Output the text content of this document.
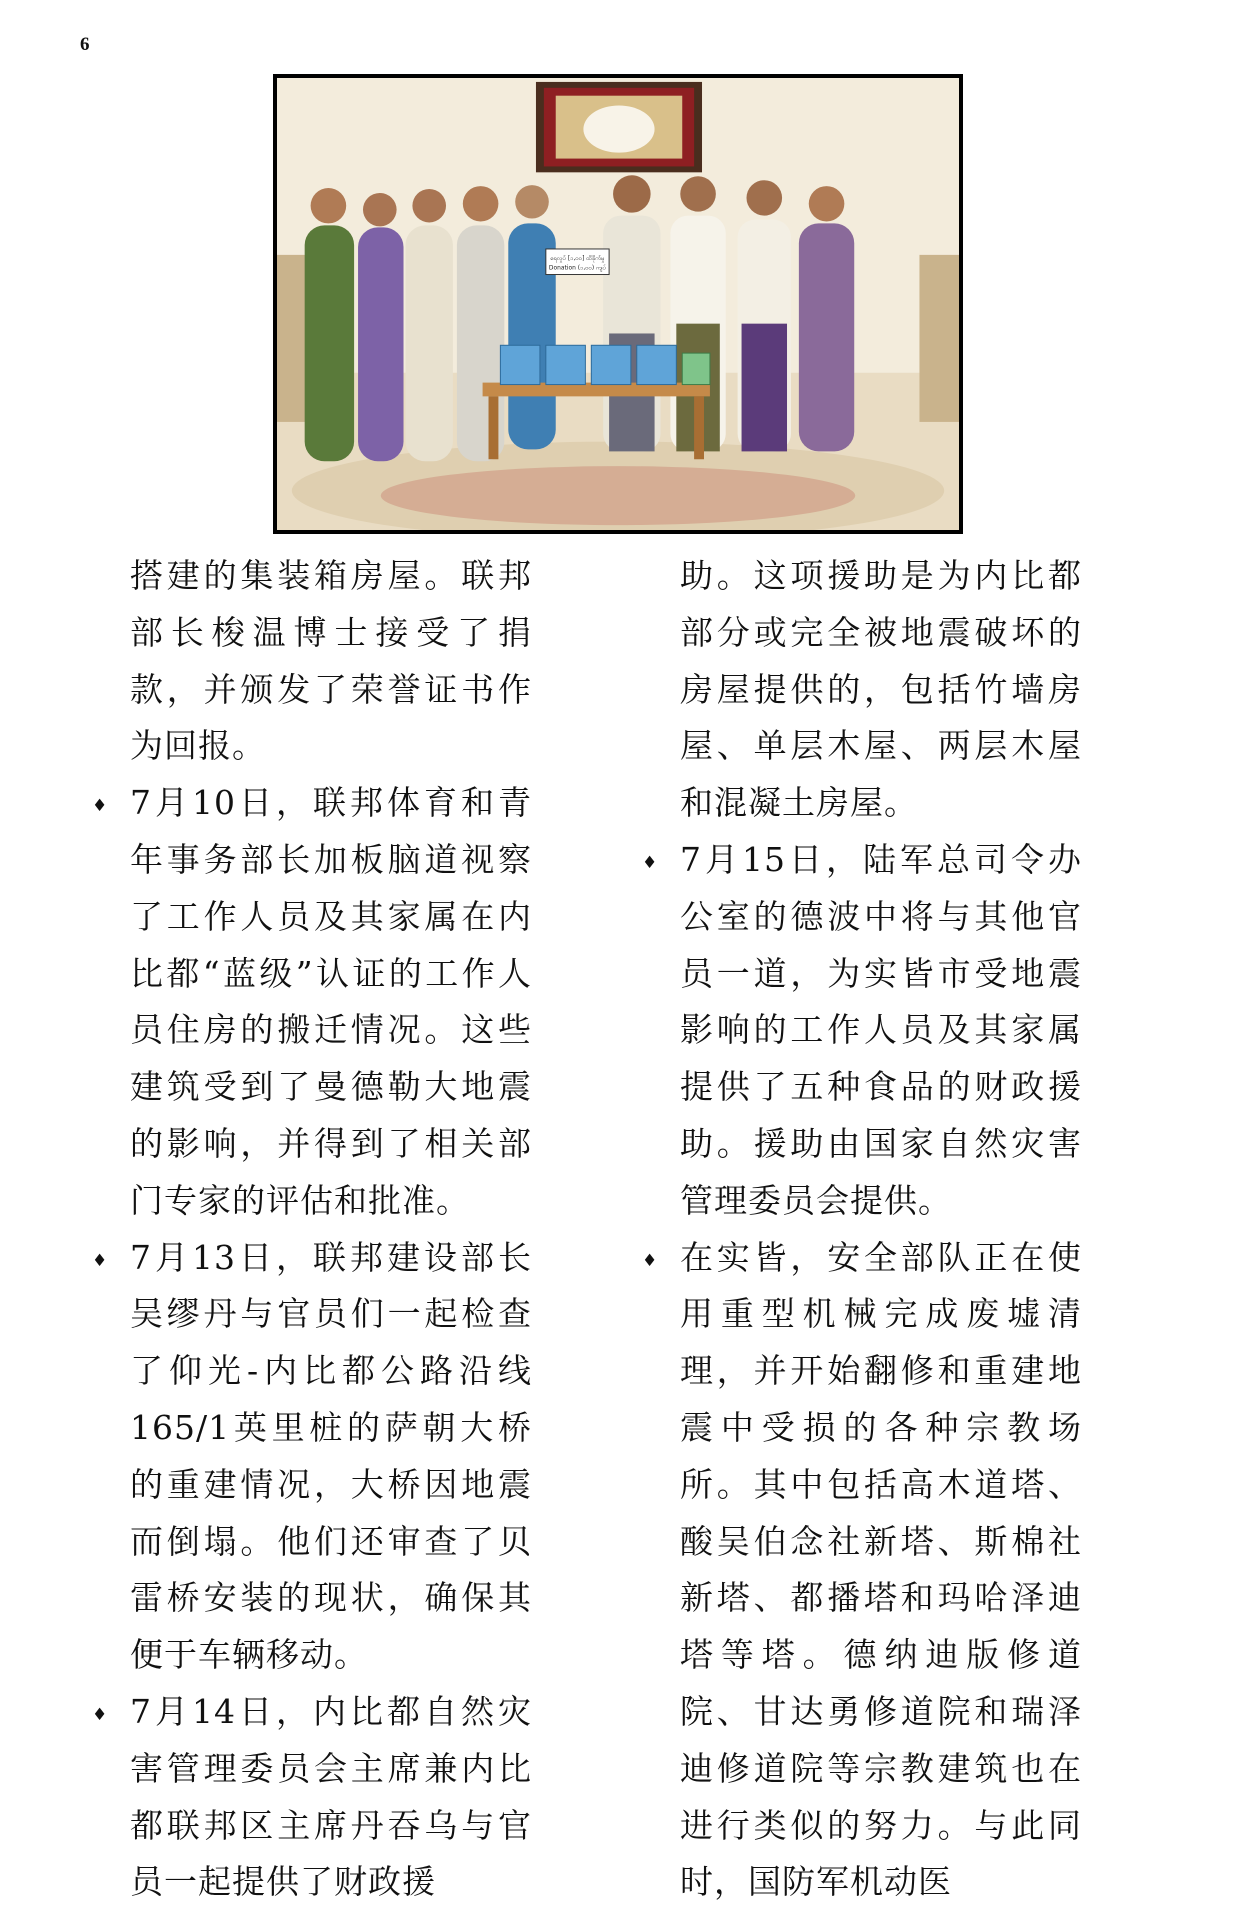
6
ရေလှုပ် [၁,၀၀] ထိခိုက်မှု
Donation (၁,၀၀) ကျပ်

搭建的集装箱房屋。联邦部长梭温博士接受了捐款，并颁发了荣誉证书作为回报。

♦ 7月10日，联邦体育和青年事务部长加板脑道视察了工作人员及其家属在内比都“蓝级”认证的工作人员住房的搬迁情况。这些建筑受到了曼德勒大地震的影响，并得到了相关部门专家的评估和批准。

♦ 7月13日，联邦建设部长吴缪丹与官员们一起检查了仰光-内比都公路沿线165/1英里桩的萨朝大桥的重建情况，大桥因地震而倒塌。他们还审查了贝雷桥安装的现状，确保其便于车辆移动。

♦ 7月14日，内比都自然灾害管理委员会主席兼内比都联邦区主席丹吞乌与官员一起提供了财政援

助。这项援助是为内比都部分或完全被地震破坏的房屋提供的，包括竹墙房屋、单层木屋、两层木屋和混凝土房屋。

♦ 7月15日，陆军总司令办公室的德波中将与其他官员一道，为实皆市受地震影响的工作人员及其家属提供了五种食品的财政援助。援助由国家自然灾害管理委员会提供。

♦ 在实皆，安全部队正在使用重型机械完成废墟清理，并开始翻修和重建地震中受损的各种宗教场所。其中包括高木道塔、酸吴伯念社新塔、斯棉社新塔、都播塔和玛哈泽迪塔等塔。德纳迪版修道院、甘达勇修道院和瑞泽迪修道院等宗教建筑也在进行类似的努力。与此同时，国防军机动医
